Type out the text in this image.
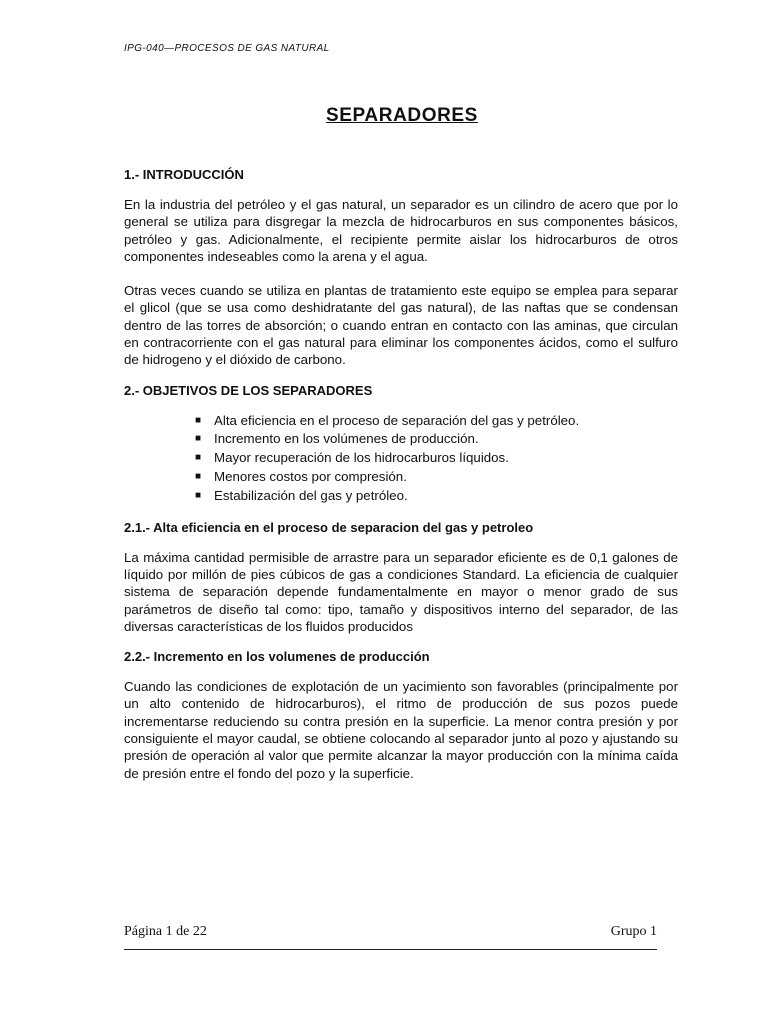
IPG-040—PROCESOS DE GAS NATURAL
SEPARADORES
1.- INTRODUCCIÓN

En la industria del petróleo y el gas natural, un separador es un cilindro de acero que por lo general se utiliza para disgregar la mezcla de hidrocarburos en sus componentes básicos, petróleo y gas. Adicionalmente, el recipiente permite aislar los hidrocarburos de otros componentes indeseables como la arena y el agua.

Otras veces cuando se utiliza en plantas de tratamiento este equipo se emplea para separar el glicol (que se usa como deshidratante del gas natural), de las naftas que se condensan dentro de las torres de absorción; o cuando entran en contacto con las aminas, que circulan en contracorriente con el gas natural para eliminar los componentes ácidos, como el sulfuro de hidrogeno y el dióxido de carbono.

2.- OBJETIVOS DE LOS SEPARADORES
■ Alta eficiencia en el proceso de separación del gas y petróleo.
■ Incremento en los volúmenes de producción.
■ Mayor recuperación de los hidrocarburos líquidos.
■ Menores costos por compresión.
■ Estabilización del gas y petróleo.
2.1.- Alta eficiencia en el proceso de separacion del gas y petroleo

La máxima cantidad permisible de arrastre para un separador eficiente es de 0,1 galones de líquido por millón de pies cúbicos de gas a condiciones Standard. La eficiencia de cualquier sistema de separación depende fundamentalmente en mayor o menor grado de sus parámetros de diseño tal como: tipo, tamaño y dispositivos interno del separador, de las diversas características de los fluidos producidos

2.2.- Incremento en los volumenes de producción

Cuando las condiciones de explotación de un yacimiento son favorables (principalmente por un alto contenido de hidrocarburos), el ritmo de producción de sus pozos puede incrementarse reduciendo su contra presión en la superficie. La menor contra presión y por consiguiente el mayor caudal, se obtiene colocando al separador junto al pozo y ajustando su presión de operación al valor que permite alcanzar la mayor producción con la mínima caída de presión entre el fondo del pozo y la superficie.

Página 1 de 22	Grupo 1
